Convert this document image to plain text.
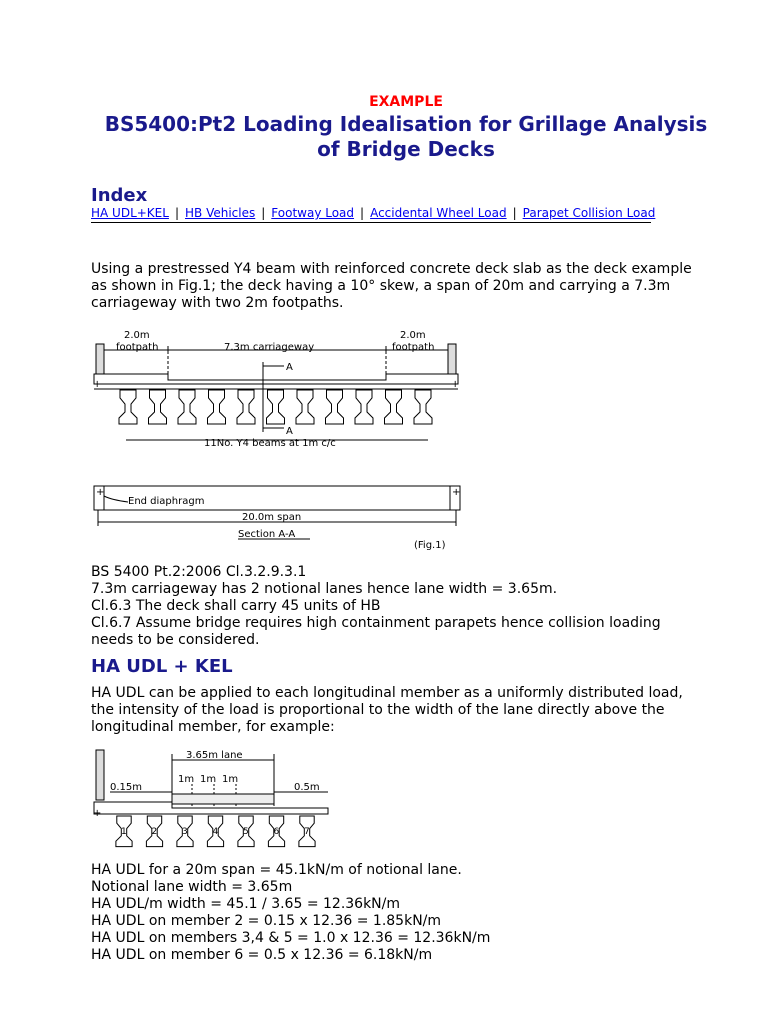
EXAMPLE
BS5400:Pt2 Loading Idealisation for Grillage Analysis
of Bridge Decks
Index
HA UDL+KEL | HB Vehicles | Footway Load | Accidental Wheel Load | Parapet Collision Load

Using a prestressed Y4 beam with reinforced concrete deck slab as the deck example
as shown in Fig.1; the deck having a 10° skew, a span of 20m and carrying a 7.3m
carriageway with two 2m footpaths.

+	+
2.0m
footpath	7.3m carriageway
2.0m
footpath
A
A
11No. Y4 beams at 1m c/c
+	+
End diaphragm
20.0m span
Section A-A
(Fig.1)

BS 5400 Pt.2:2006 Cl.3.2.9.3.1
7.3m carriageway has 2 notional lanes hence lane width = 3.65m.
Cl.6.3 The deck shall carry 45 units of HB
Cl.6.7 Assume bridge requires high containment parapets hence collision loading
needs to be considered.

HA UDL + KEL

HA UDL can be applied to each longitudinal member as a uniformly distributed load,
the intensity of the load is proportional to the width of the lane directly above the
longitudinal member, for example:

+
3.65m lane
0.15m
1m 1m 1m
0.5m
1	2	3	4	5	6	7

HA UDL for a 20m span = 45.1kN/m of notional lane.
Notional lane width = 3.65m
HA UDL/m width = 45.1 / 3.65 = 12.36kN/m
HA UDL on member 2 = 0.15 x 12.36 = 1.85kN/m
HA UDL on members 3,4 & 5 = 1.0 x 12.36 = 12.36kN/m
HA UDL on member 6 = 0.5 x 12.36 = 6.18kN/m
